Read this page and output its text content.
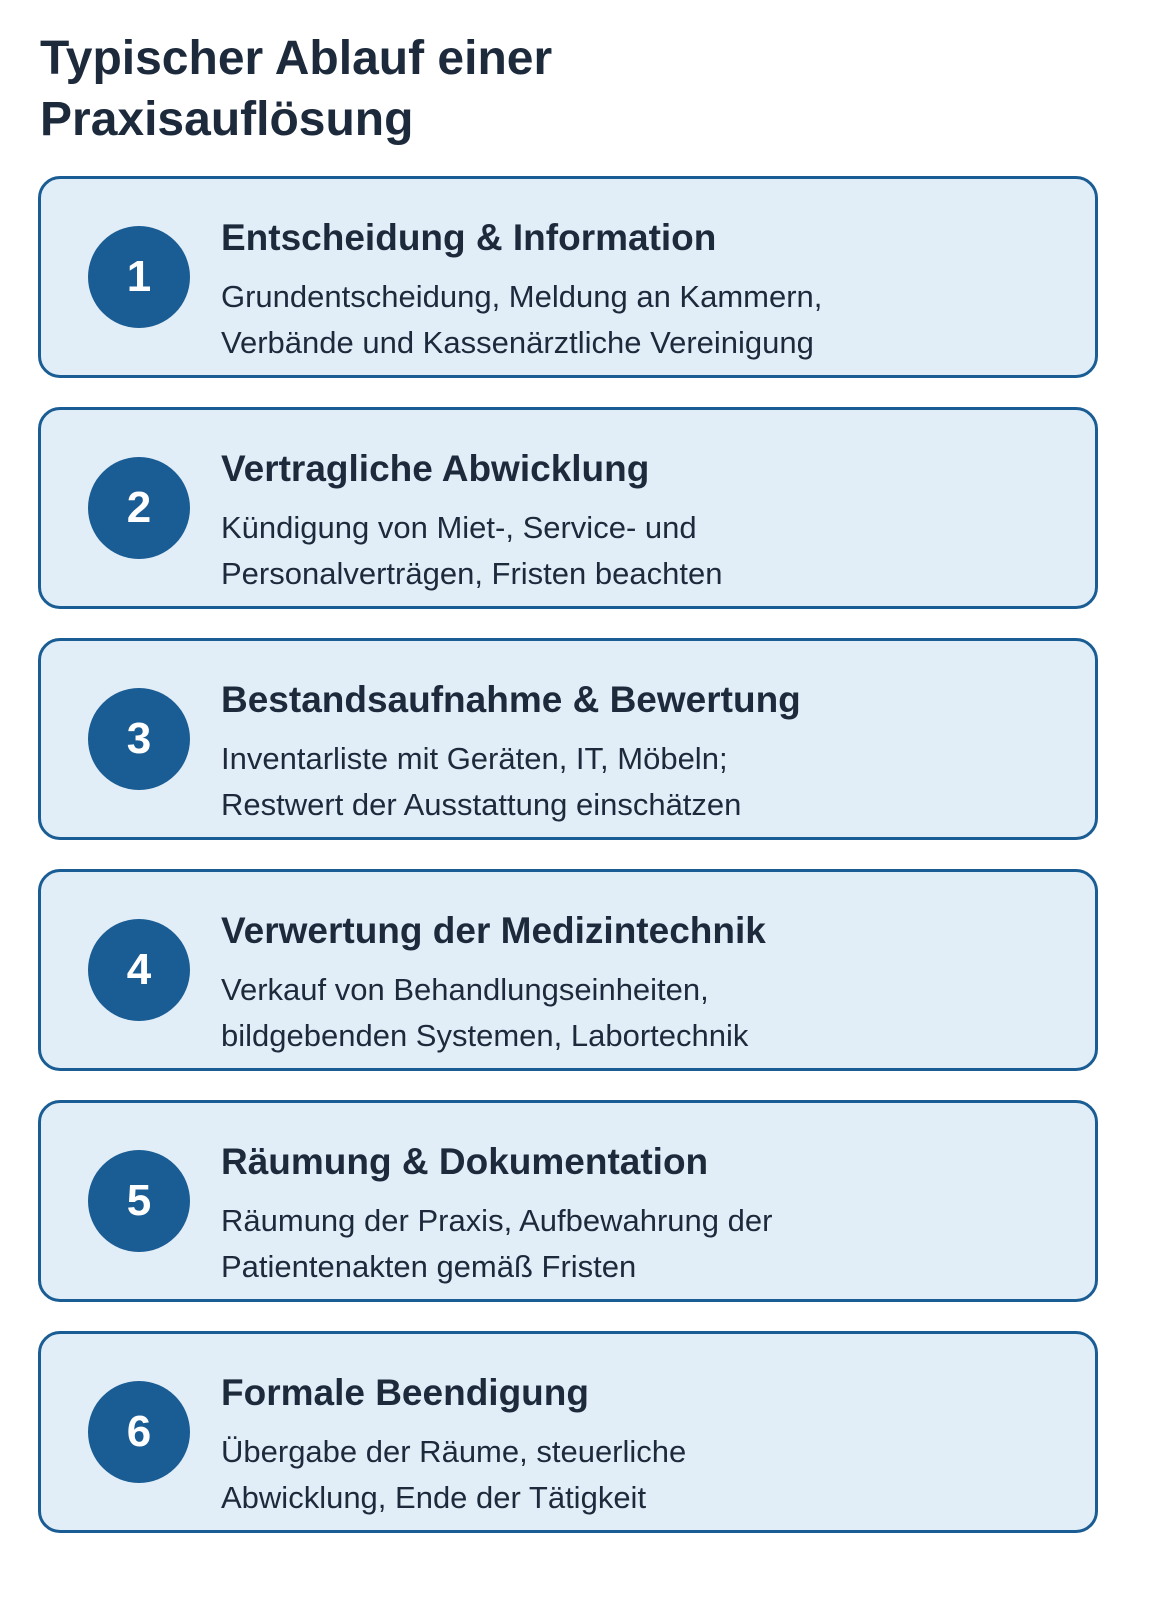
Typischer Ablauf einer
Praxisauflösung
1
Entscheidung & Information

Grundentscheidung, Meldung an Kammern,
Verbände und Kassenärztliche Vereinigung

2
Vertragliche Abwicklung

Kündigung von Miet-, Service- und
Personalverträgen, Fristen beachten

3
Bestandsaufnahme & Bewertung

Inventarliste mit Geräten, IT, Möbeln;
Restwert der Ausstattung einschätzen

4
Verwertung der Medizintechnik

Verkauf von Behandlungseinheiten,
bildgebenden Systemen, Labortechnik

5
Räumung & Dokumentation

Räumung der Praxis, Aufbewahrung der
Patientenakten gemäß Fristen

6
Formale Beendigung

Übergabe der Räume, steuerliche
Abwicklung, Ende der Tätigkeit
